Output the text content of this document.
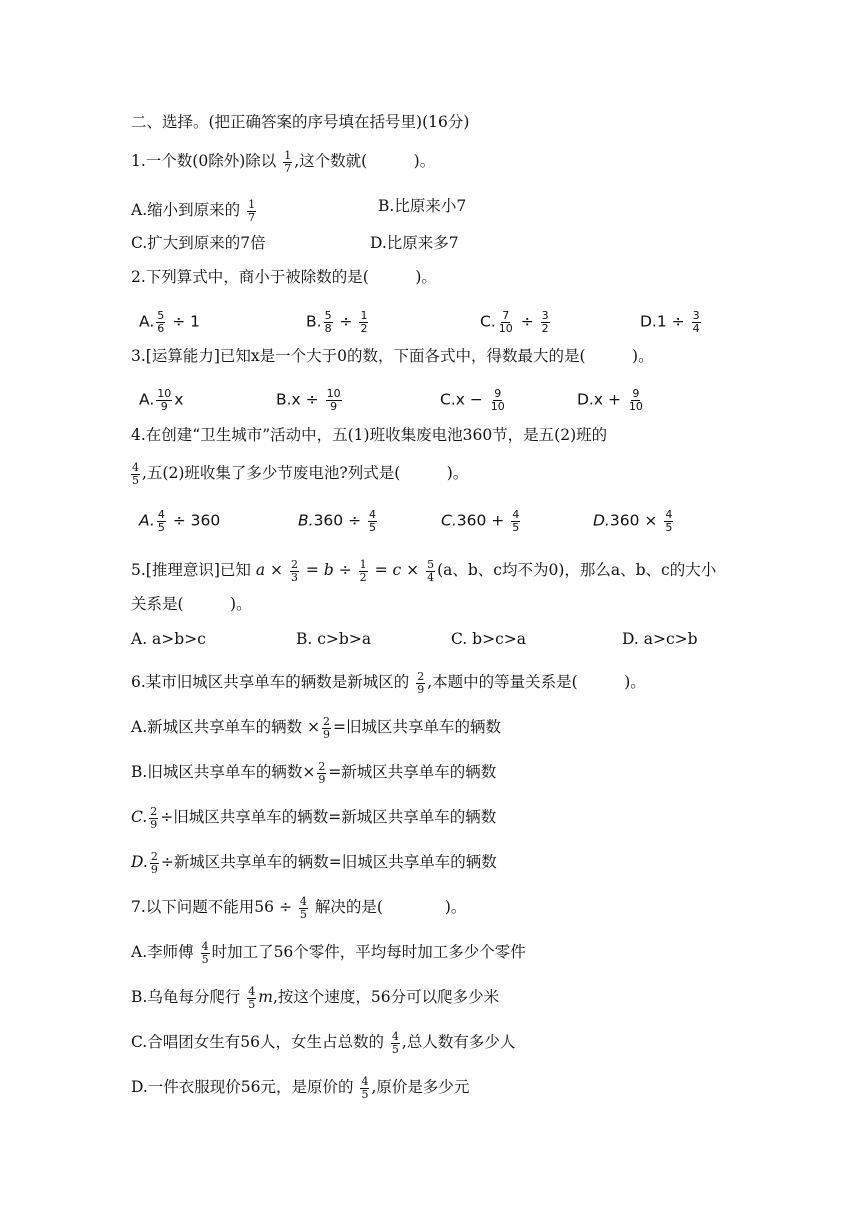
二、选择。(把正确答案的序号填在括号里)(16分)
1.一个数(0除外)除以 $\frac{1}{7}$ ,这个数就(　　　)。
A.缩小到原来的 $\frac{1}{7}$	B.比原来小7
C.扩大到原来的7倍	D.比原来多7
2.下列算式中，商小于被除数的是(　　　)。
A. $\frac{5}{6} \div 1$	B. $\frac{5}{8} \div \frac{1}{2}$	C. $\frac{7}{10} \div \frac{3}{2}$	$D.1 \div \frac{3}{4}$
3.[运算能力]已知x是一个大于0的数，下面各式中，得数最大的是(　　　)。
A. $\frac{10}{9}$ x	$B.x \div \frac{10}{9}$	$C.x - \frac{9}{10}$	$D.x + \frac{9}{10}$
4.在创建“卫生城市”活动中，五(1)班收集废电池360节，是五(2)班的
$\frac{4}{5}$ ,五(2)班收集了多少节废电池?列式是(　　　)。
A. $\frac{4}{5} \div 360$	$B.360 \div \frac{4}{5}$	$C.360 + \frac{4}{5}$	$D.360 \times \frac{4}{5}$
5.[推理意识]已知 $a \times \frac{2}{3} = b \div \frac{1}{2} = c \times \frac{5}{4} (a$、b、c均不为0)，那么a、b、c的大小
关系是(　　　)。
A. a>b>c	B. c>b>a	C. b>c>a	D. a>c>b
6.某市旧城区共享单车的辆数是新城区的 $\frac{2}{9}$ ,本题中的等量关系是(　　　)。
A.新城区共享单车的辆数 × $\frac{2}{9}$ =旧城区共享单车的辆数
B.旧城区共享单车的辆数× $\frac{2}{9}$ =新城区共享单车的辆数
C. $\frac{2}{9}$ ÷旧城区共享单车的辆数=新城区共享单车的辆数
D. $\frac{2}{9}$ ÷新城区共享单车的辆数=旧城区共享单车的辆数
7.以下问题不能用$56 \div \frac{4}{5}$ 解决的是(　　　　)。
A.李师傅 $\frac{4}{5}$ 时加工了56个零件，平均每时加工多少个零件
B.乌龟每分爬行 $\frac{4}{5} m$,按这个速度，56分可以爬多少米
C.合唱团女生有56人，女生占总数的 $\frac{4}{5}$ ,总人数有多少人
D.一件衣服现价56元，是原价的 $\frac{4}{5}$ ,原价是多少元
